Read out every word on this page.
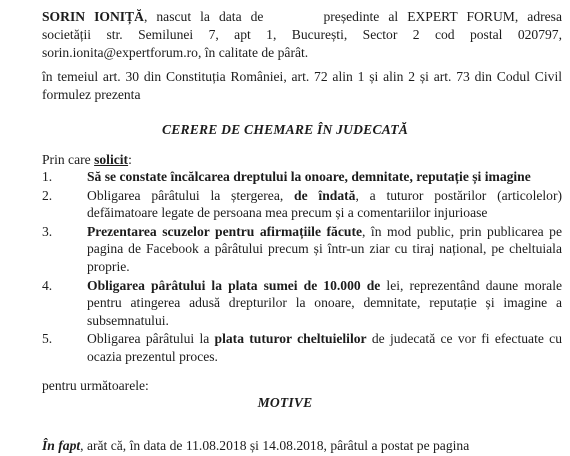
SORIN IONIȚĂ, nascut la data de	președinte al EXPERT FORUM, adresa societății str. Semilunei 7, apt 1, București, Sector 2 cod postal 020797, sorin.ionita@expertforum.ro, în calitate de pârât.
în temeiul art. 30 din Constituția României, art. 72 alin 1 și alin 2 și art. 73 din Codul Civil formulez prezenta
CERERE DE CHEMARE ÎN JUDECATĂ
Prin care solicit:
1.	Să se constate încălcarea dreptului la onoare, demnitate, reputație și imagine
2.	Obligarea pârâtului la ștergerea, de îndată, a tuturor postărilor (articolelor) defăimatoare legate de persoana mea precum și a comentariilor injurioase
3.	Prezentarea scuzelor pentru afirmațiile făcute, în mod public, prin publicarea pe pagina de Facebook a pârâtului precum și într-un ziar cu tiraj național, pe cheltuiala proprie.
4.	Obligarea pârâtului la plata sumei de 10.000 de lei, reprezentând daune morale pentru atingerea adusă drepturilor la onoare, demnitate, reputație și imagine a subsemnatului.
5.	Obligarea pârâtului la plata tuturor cheltuielilor de judecată ce vor fi efectuate cu ocazia prezentul proces.
pentru următoarele:
MOTIVE
În fapt, arăt că, în data de 11.08.2018 și 14.08.2018, pârâtul a postat pe pagina
